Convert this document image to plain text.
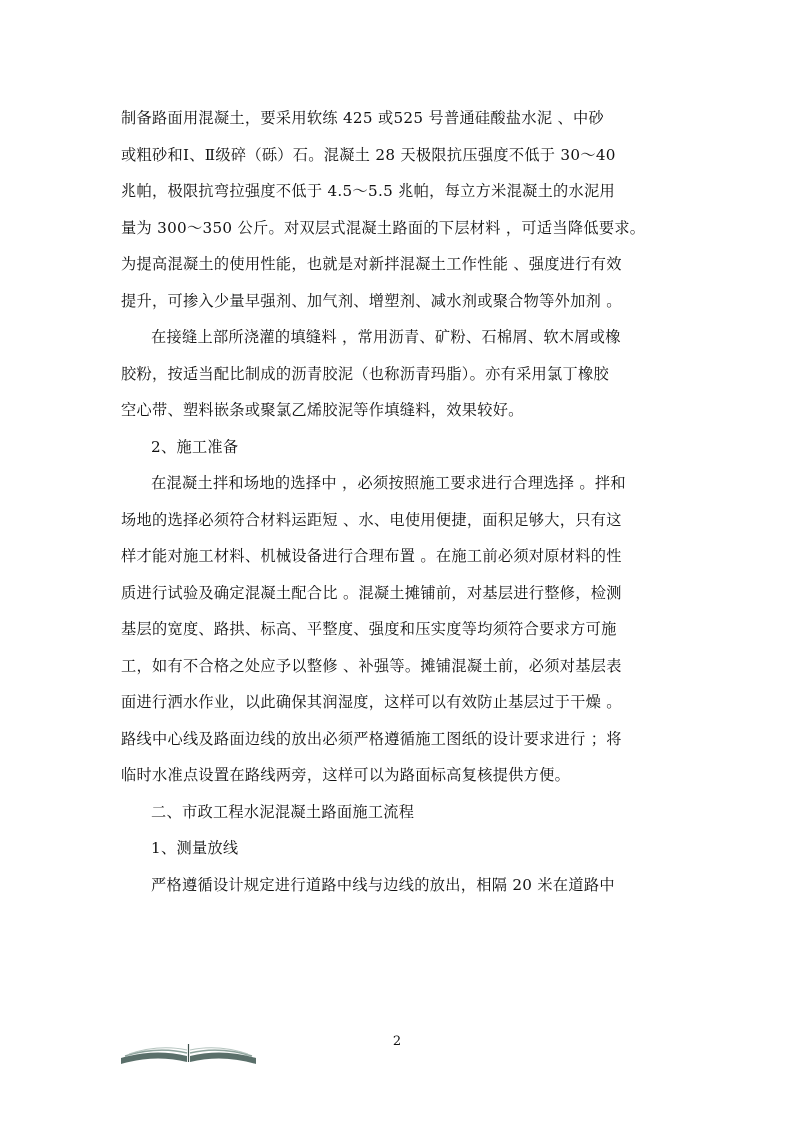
制备路面用混凝土，要采用软练 425 或525 号普通硅酸盐水泥 、中砂
或粗砂和Ⅰ、Ⅱ级碎（砾）石。混凝土 28 天极限抗压强度不低于 30～40
兆帕，极限抗弯拉强度不低于 4.5～5.5 兆帕，每立方米混凝土的水泥用
量为 300～350 公斤。对双层式混凝土路面的下层材料 ，可适当降低要求。
为提高混凝土的使用性能，也就是对新拌混凝土工作性能 、强度进行有效
提升，可掺入少量早强剂、加气剂、增塑剂、减水剂或聚合物等外加剂 。
在接缝上部所浇灌的填缝料 ，常用沥青、矿粉、石棉屑、软木屑或橡
胶粉，按适当配比制成的沥青胶泥（也称沥青玛脂）。亦有采用氯丁橡胶
空心带、塑料嵌条或聚氯乙烯胶泥等作填缝料，效果较好。
2、施工准备
在混凝土拌和场地的选择中 ，必须按照施工要求进行合理选择 。拌和
场地的选择必须符合材料运距短 、水、电使用便捷，面积足够大，只有这
样才能对施工材料、机械设备进行合理布置 。在施工前必须对原材料的性
质进行试验及确定混凝土配合比 。混凝土摊铺前，对基层进行整修，检测
基层的宽度、路拱、标高、平整度、强度和压实度等均须符合要求方可施
工，如有不合格之处应予以整修 、补强等。摊铺混凝土前，必须对基层表
面进行洒水作业，以此确保其润湿度，这样可以有效防止基层过于干燥 。
路线中心线及路面边线的放出必须严格遵循施工图纸的设计要求进行 ；将
临时水准点设置在路线两旁，这样可以为路面标高复核提供方便。
二、市政工程水泥混凝土路面施工流程
1、测量放线
严格遵循设计规定进行道路中线与边线的放出，相隔 20 米在道路中
2
